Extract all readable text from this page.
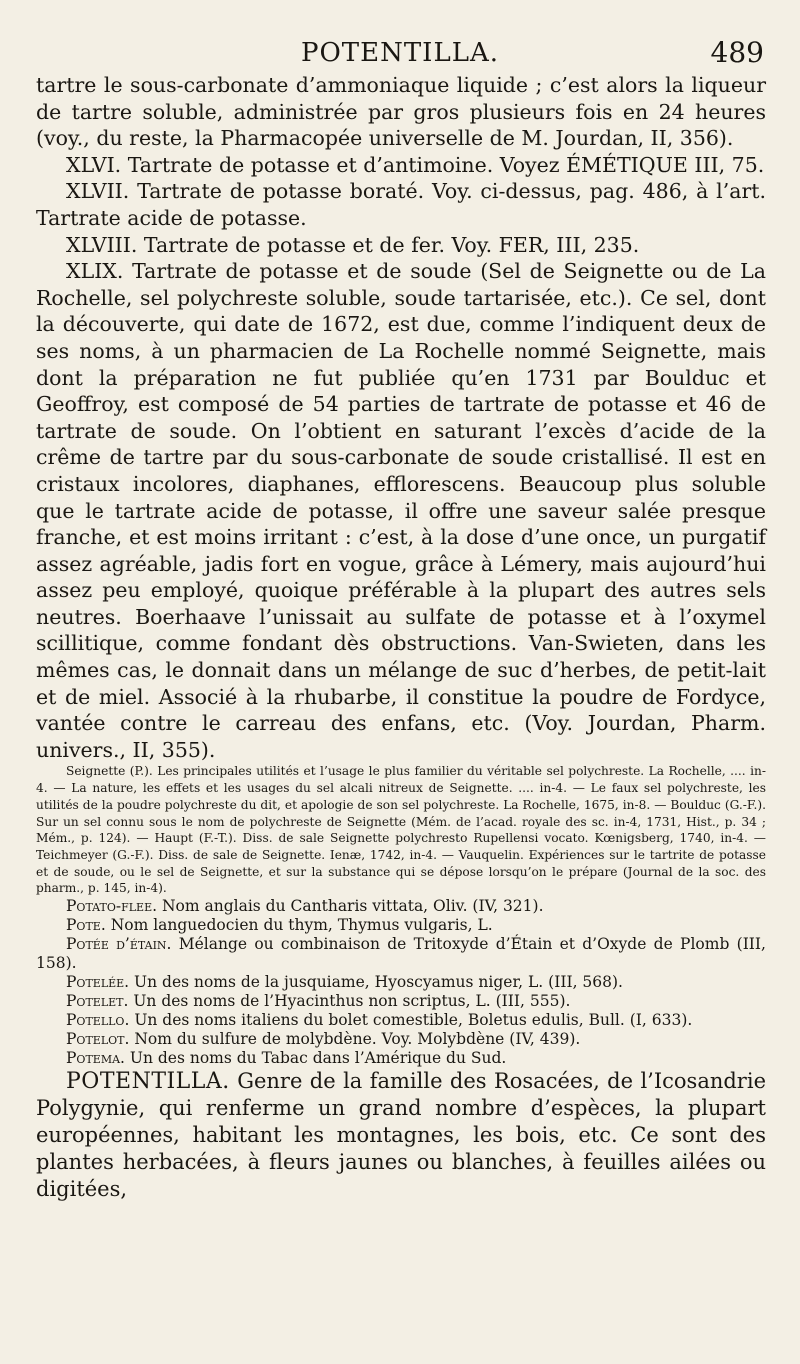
POTENTILLA.	489

tartre le sous-carbonate d’ammoniaque liquide ; c’est alors la liqueur de tartre soluble, administrée par gros plusieurs fois en 24 heures (voy., du reste, la Pharmacopée universelle de M. Jourdan, II, 356).

XLVI. Tartrate de potasse et d’antimoine. Voyez ÉMÉTIQUE III, 75.

XLVII. Tartrate de potasse boraté. Voy. ci-dessus, pag. 486, à l’art. Tartrate acide de potasse.

XLVIII. Tartrate de potasse et de fer. Voy. FER, III, 235.

XLIX. Tartrate de potasse et de soude (Sel de Seignette ou de La Rochelle, sel polychreste soluble, soude tartarisée, etc.). Ce sel, dont la découverte, qui date de 1672, est due, comme l’indiquent deux de ses noms, à un pharmacien de La Rochelle nommé Seignette, mais dont la préparation ne fut publiée qu’en 1731 par Boulduc et Geoffroy, est composé de 54 parties de tartrate de potasse et 46 de tartrate de soude. On l’obtient en saturant l’excès d’acide de la crême de tartre par du sous-carbonate de soude cristallisé. Il est en cristaux incolores, diaphanes, efflorescens. Beaucoup plus soluble que le tartrate acide de potasse, il offre une saveur salée presque franche, et est moins irritant : c’est, à la dose d’une once, un purgatif assez agréable, jadis fort en vogue, grâce à Lémery, mais aujourd’hui assez peu employé, quoique préférable à la plupart des autres sels neutres. Boerhaave l’unissait au sulfate de potasse et à l’oxymel scillitique, comme fondant dès obstructions. Van-Swieten, dans les mêmes cas, le donnait dans un mélange de suc d’herbes, de petit-lait et de miel. Associé à la rhubarbe, il constitue la poudre de Fordyce, vantée contre le carreau des enfans, etc. (Voy. Jourdan, Pharm. univers., II, 355).

Seignette (P.). Les principales utilités et l’usage le plus familier du véritable sel polychreste. La Rochelle, .... in-4. — La nature, les effets et les usages du sel alcali nitreux de Seignette. .... in-4. — Le faux sel polychreste, les utilités de la poudre polychreste du dit, et apologie de son sel polychreste. La Rochelle, 1675, in-8. — Boulduc (G.-F.). Sur un sel connu sous le nom de polychreste de Seignette (Mém. de l’acad. royale des sc. in-4, 1731, Hist., p. 34 ; Mém., p. 124). — Haupt (F.-T.). Diss. de sale Seignette polychresto Rupellensi vocato. Kœnigsberg, 1740, in-4. — Teichmeyer (G.-F.). Diss. de sale de Seignette. Ienæ, 1742, in-4. — Vauquelin. Expériences sur le tartrite de potasse et de soude, ou le sel de Seignette, et sur la substance qui se dépose lorsqu’on le prépare (Journal de la soc. des pharm., p. 145, in-4).

Potato-flee. Nom anglais du Cantharis vittata, Oliv. (IV, 321).

Pote. Nom languedocien du thym, Thymus vulgaris, L.

Potée d’étain. Mélange ou combinaison de Tritoxyde d’Étain et d’Oxyde de Plomb (III, 158).

Potelée. Un des noms de la jusquiame, Hyoscyamus niger, L. (III, 568).

Potelet. Un des noms de l’Hyacinthus non scriptus, L. (III, 555).

Potello. Un des noms italiens du bolet comestible, Boletus edulis, Bull. (I, 633).

Potelot. Nom du sulfure de molybdène. Voy. Molybdène (IV, 439).

Potema. Un des noms du Tabac dans l’Amérique du Sud.

POTENTILLA. Genre de la famille des Rosacées, de l’Icosandrie Polygynie, qui renferme un grand nombre d’espèces, la plupart européennes, habitant les montagnes, les bois, etc. Ce sont des plantes herbacées, à fleurs jaunes ou blanches, à feuilles ailées ou digitées,
